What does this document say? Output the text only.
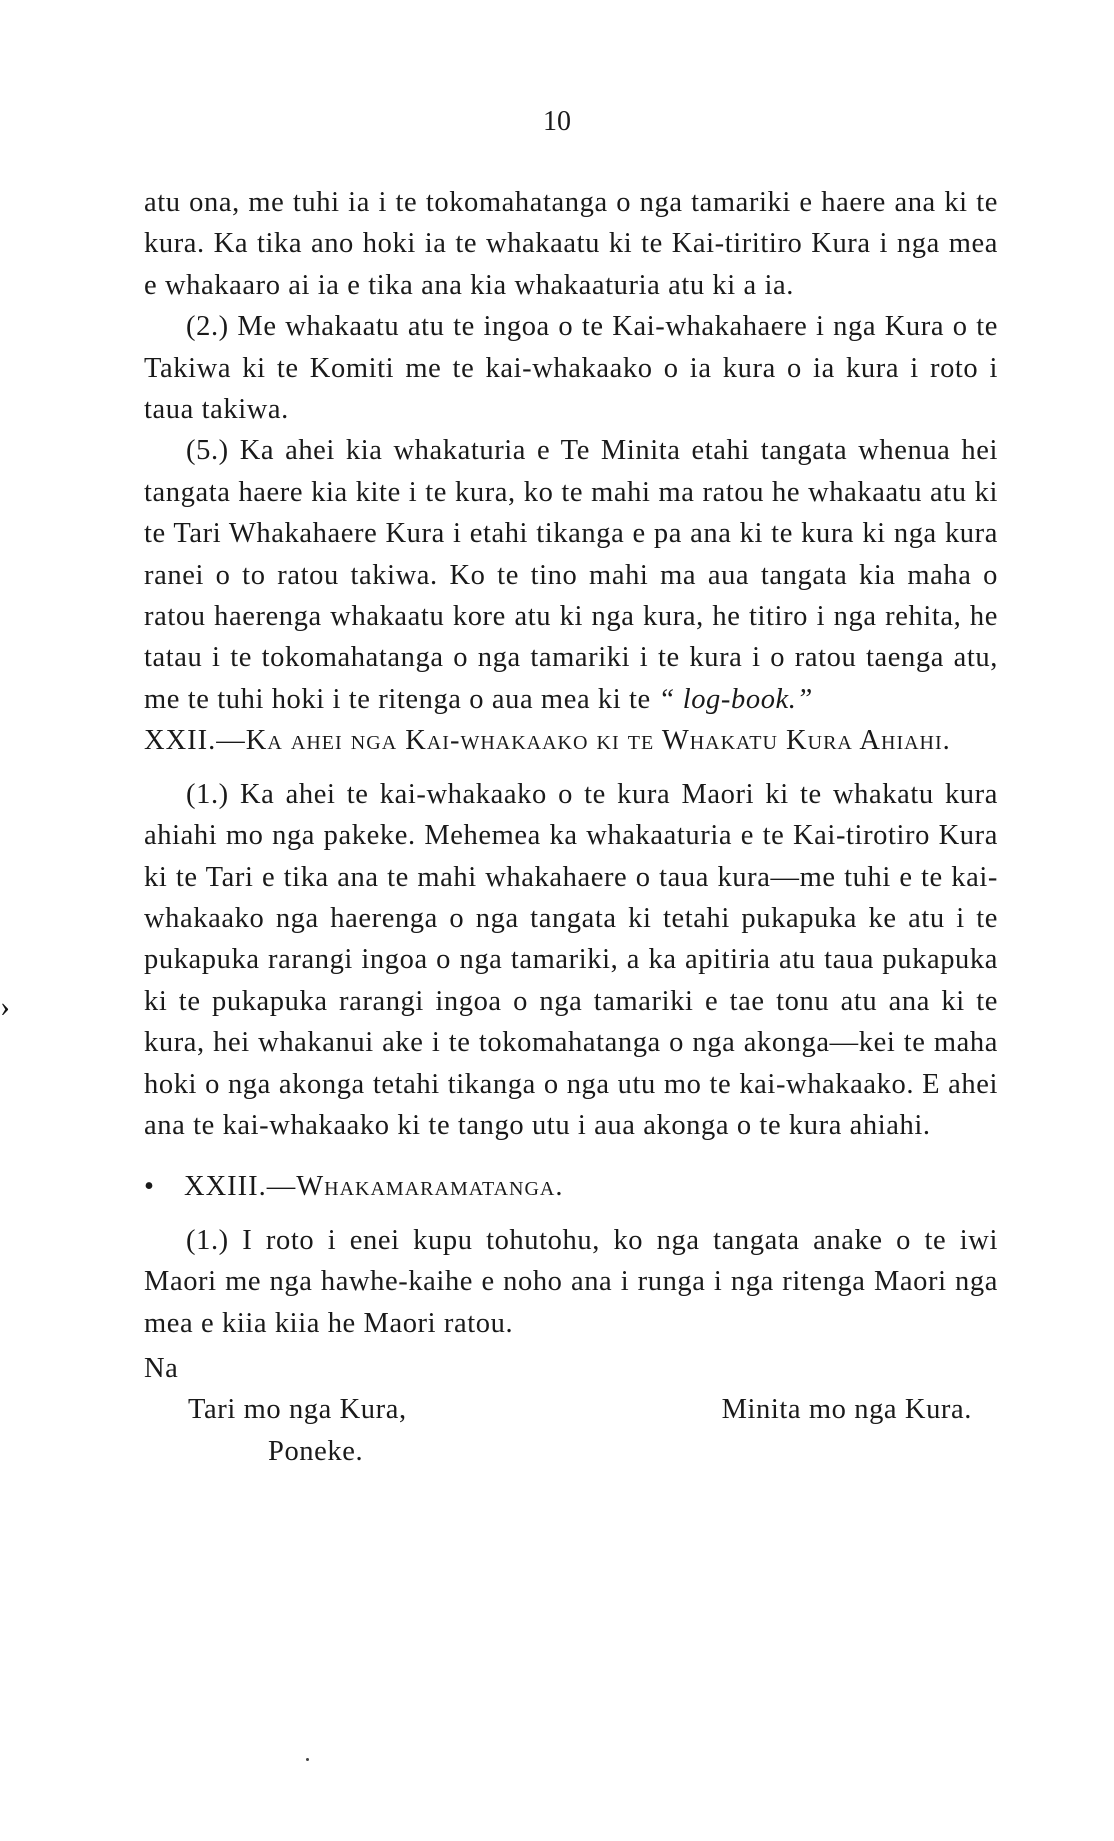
10
›

atu ona, me tuhi ia i te tokomahatanga o nga tamariki e haere ana ki te kura. Ka tika ano hoki ia te whakaatu ki te Kai-tiritiro Kura i nga mea e whakaaro ai ia e tika ana kia whakaaturia atu ki a ia.

(2.) Me whakaatu atu te ingoa o te Kai-whakahaere i nga Kura o te Takiwa ki te Komiti me te kai-whakaako o ia kura o ia kura i roto i taua takiwa.

(5.) Ka ahei kia whakaturia e Te Minita etahi tangata whenua hei tangata haere kia kite i te kura, ko te mahi ma ratou he whakaatu atu ki te Tari Whakahaere Kura i etahi tikanga e pa ana ki te kura ki nga kura ranei o to ratou takiwa. Ko te tino mahi ma aua tangata kia maha o ratou haerenga whakaatu kore atu ki nga kura, he titiro i nga rehita, he tatau i te tokomahatanga o nga tamariki i te kura i o ratou taenga atu, me te tuhi hoki i te ritenga o aua mea ki te “ log-book.”

XXII.—Ka ahei nga Kai-whakaako ki te Whakatu Kura Ahiahi.

(1.) Ka ahei te kai-whakaako o te kura Maori ki te whakatu kura ahiahi mo nga pakeke. Mehemea ka whakaaturia e te Kai-tirotiro Kura ki te Tari e tika ana te mahi whakahaere o taua kura—me tuhi e te kai-whakaako nga haerenga o nga tangata ki tetahi pukapuka ke atu i te pukapuka rarangi ingoa o nga tamariki, a ka apitiria atu taua pukapuka ki te pukapuka rarangi ingoa o nga tamariki e tae tonu atu ana ki te kura, hei whakanui ake i te tokomahatanga o nga akonga—kei te maha hoki o nga akonga tetahi tikanga o nga utu mo te kai-whakaako. E ahei ana te kai-whakaako ki te tango utu i aua akonga o te kura ahiahi.

• XXIII.—Whakamaramatanga.

(1.) I roto i enei kupu tohutohu, ko nga tangata anake o te iwi Maori me nga hawhe-kaihe e noho ana i runga i nga ritenga Maori nga mea e kiia kiia he Maori ratou.

Na

Tari mo nga Kura,	Minita mo nga Kura.
Poneke.
